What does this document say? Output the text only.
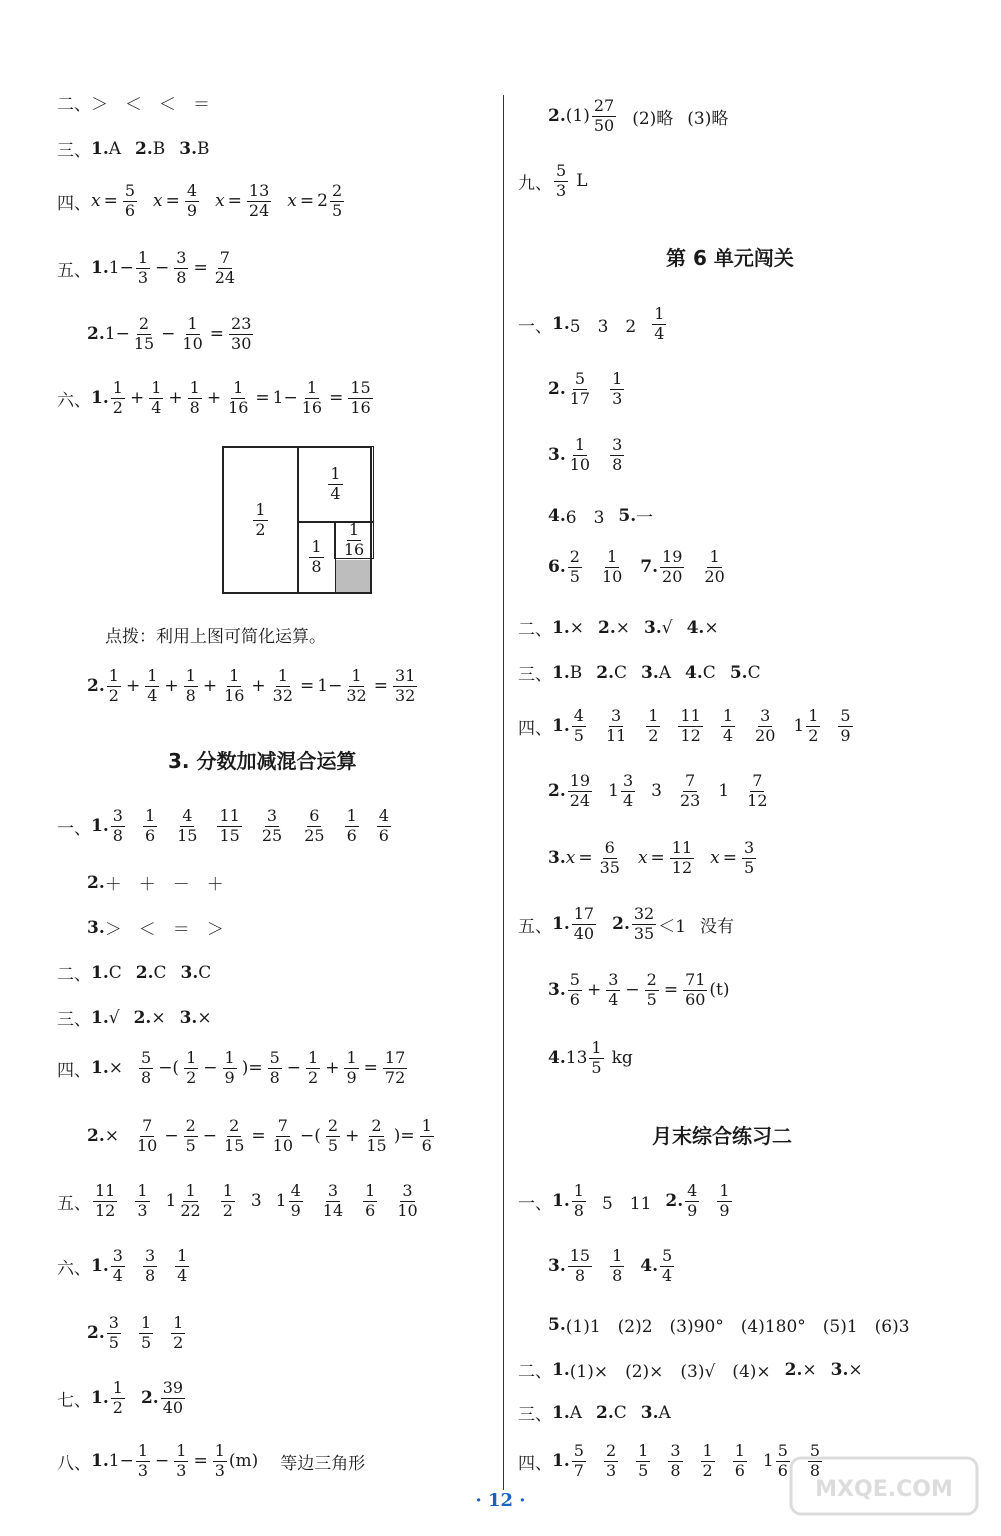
二、 ＞　＜　＜　＝
三、 1. A 2. B 3. B
四、 $x = \frac{5}{6}$ $x = \frac{4}{9}$ $x = \frac{13}{24}$ $x = 2 \frac{2}{5}$
五、 1. $1- \frac{1}{3} - \frac{3}{8} = \frac{7}{24}$
2. $1- \frac{2}{15} - \frac{1}{10} = \frac{23}{30}$
六、 1. $\frac{1}{2} + \frac{1}{4} + \frac{1}{8} + \frac{1}{16} = 1- \frac{1}{16} = \frac{15}{16}$
$\frac{1}{2}$
$\frac{1}{4}$
$\frac{1}{8} \frac{1}{16}$
点拨：利用上图可简化运算。
2. $\frac{1}{2} + \frac{1}{4} + \frac{1}{8} + \frac{1}{16} + \frac{1}{32} = 1- \frac{1}{32} = \frac{31}{32}$
3. 分数加减混合运算
一、 1. $\frac{3}{8} \frac{1}{6} \frac{4}{15} \frac{11}{15} \frac{3}{25} \frac{6}{25} \frac{1}{6} \frac{4}{6}$
2. ＋　＋　－　＋
3. ＞　＜　＝　＞
二、 1. C 2. C 3. C
三、 1. √ 2. × 3. ×
四、 1. × $\frac{5}{8}$ −( $\frac{1}{2} - \frac{1}{9}$ )= $\frac{5}{8} - \frac{1}{2} + \frac{1}{9} = \frac{17}{72}$
2. × $\frac{7}{10} - \frac{2}{5} - \frac{2}{15} = \frac{7}{10}$ −( $\frac{2}{5} + \frac{2}{15}$ )= $\frac{1}{6}$
五、 $\frac{11}{12} \frac{1}{3} 1 \frac{1}{22} \frac{1}{2} 3$ $1 \frac{4}{9} \frac{3}{14} \frac{1}{6} \frac{3}{10}$
六、 1. $\frac{3}{4} \frac{3}{8} \frac{1}{4}$
2. $\frac{3}{5} \frac{1}{5} \frac{1}{2}$
七、 1. $\frac{1}{2} 2$. $\frac{39}{40}$
八、 1. $1- \frac{1}{3} - \frac{1}{3} = \frac{1}{3} (m)$ 等边三角形
2. $(1) \frac{27}{50} (2)$略 (3)略
九、 $\frac{5}{3}$ L
第 6 单元闯关
一、 1. 5　3　$2 \frac{1}{4}$
2. $\frac{5}{17} \frac{1}{3}$
3. $\frac{1}{10} \frac{3}{8}$
4. 6　3 5. 一
6. $\frac{2}{5} \frac{1}{10} 7$. $\frac{19}{20} \frac{1}{20}$
二、 1. × 2. × 3. √ 4. ×
三、 1. B 2. C 3. A 4. C 5. C
四、 1. $\frac{4}{5} \frac{3}{11} \frac{1}{2} \frac{11}{12} \frac{1}{4} \frac{3}{20} 1 \frac{1}{2} \frac{5}{9}$
2. $\frac{19}{24} 1 \frac{3}{4} 3 \frac{7}{23} 1 \frac{7}{12}$
3. $x = \frac{6}{35}$ $x = \frac{11}{12}$ $x = \frac{3}{5}$
五、 1. $\frac{17}{40} 2$. $\frac{32}{35} <1$ 没有
3. $\frac{5}{6} + \frac{3}{4} - \frac{2}{5} = \frac{71}{60} (t)$
4. $13 \frac{1}{5}$ kg
月末综合练习二
一、 1. $\frac{1}{8} 5$　11 2. $\frac{4}{9} \frac{1}{9}$
3. $\frac{15}{8} \frac{1}{8} 4$. $\frac{5}{4}$
5. (1)1　(2)2　(3)90°　(4)180°　(5)1　(6)3
二、 1. (1)×　(2)×　(3)√　(4)× 2. × 3. ×
三、 1. A 2. C 3. A
四、 1. $\frac{5}{7} \frac{2}{3} \frac{1}{5} \frac{3}{8} \frac{1}{2} \frac{1}{6} 1 \frac{5}{6} \frac{5}{8}$
· 12 ·	MXQE.COM
